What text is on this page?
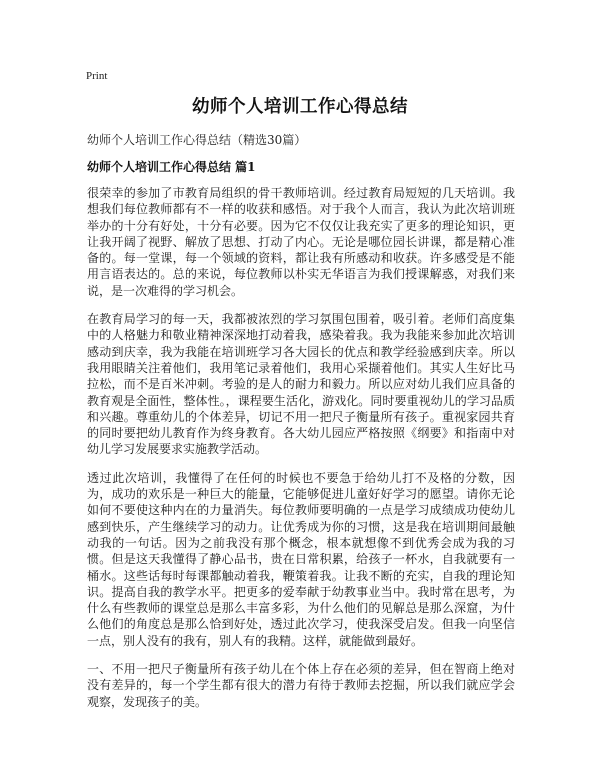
Print
幼师个人培训工作心得总结
幼师个人培训工作心得总结（精选30篇）
幼师个人培训工作心得总结 篇1

很荣幸的参加了市教育局组织的骨干教师培训。经过教育局短短的几天培训。我想我们每位教师都有不一样的收获和感悟。对于我个人而言，我认为此次培训班举办的十分有好处，十分有必要。因为它不仅仅让我充实了更多的理论知识，更让我开阔了视野、解放了思想、打动了内心。无论是哪位园长讲课，都是精心准备的。每一堂课，每一个领域的资料，都让我有所感动和收获。许多感受是不能用言语表达的。总的来说，每位教师以朴实无华语言为我们授课解惑，对我们来说，是一次难得的学习机会。

在教育局学习的每一天，我都被浓烈的学习氛围包围着，吸引着。老师们高度集中的人格魅力和敬业精神深深地打动着我，感染着我。我为我能来参加此次培训感动到庆幸，我为我能在培训班学习各大园长的优点和教学经验感到庆幸。所以我用眼睛关注着他们，我用笔记录着他们，我用心采撷着他们。其实人生好比马拉松，而不是百米冲刺。考验的是人的耐力和毅力。所以应对幼儿我们应具备的教育观是全面性，整体性。，课程要生活化，游戏化。同时要重视幼儿的学习品质和兴趣。尊重幼儿的个体差异，切记不用一把尺子衡量所有孩子。重视家园共育的同时要把幼儿教育作为终身教育。各大幼儿园应严格按照《纲要》和指南中对幼儿学习发展要求实施教学活动。

透过此次培训，我懂得了在任何的时候也不要急于给幼儿打不及格的分数，因为，成功的欢乐是一种巨大的能量，它能够促进儿童好好学习的愿望。请你无论如何不要使这种内在的力量消失。每位教师要明确的一点是学习成绩成功使幼儿感到快乐，产生继续学习的动力。让优秀成为你的习惯，这是我在培训期间最触动我的一句话。因为之前我没有那个概念，根本就想像不到优秀会成为我的习惯。但是这天我懂得了静心品书，贵在日常积累，给孩子一杯水，自我就要有一桶水。这些话每时每课都触动着我，鞭策着我。让我不断的充实，自我的理论知识。提高自我的教学水平。把更多的爱奉献于幼教事业当中。我时常在思考，为什么有些教师的课堂总是那么丰富多彩，为什么他们的见解总是那么深窟，为什么他们的角度总是那么恰到好处，透过此次学习，使我深受启发。但我一向坚信一点，别人没有的我有，别人有的我精。这样，就能做到最好。

一、不用一把尺子衡量所有孩子幼儿在个体上存在必须的差异，但在智商上绝对没有差异的，每一个学生都有很大的潜力有待于教师去挖掘，所以我们就应学会观察，发现孩子的美。
